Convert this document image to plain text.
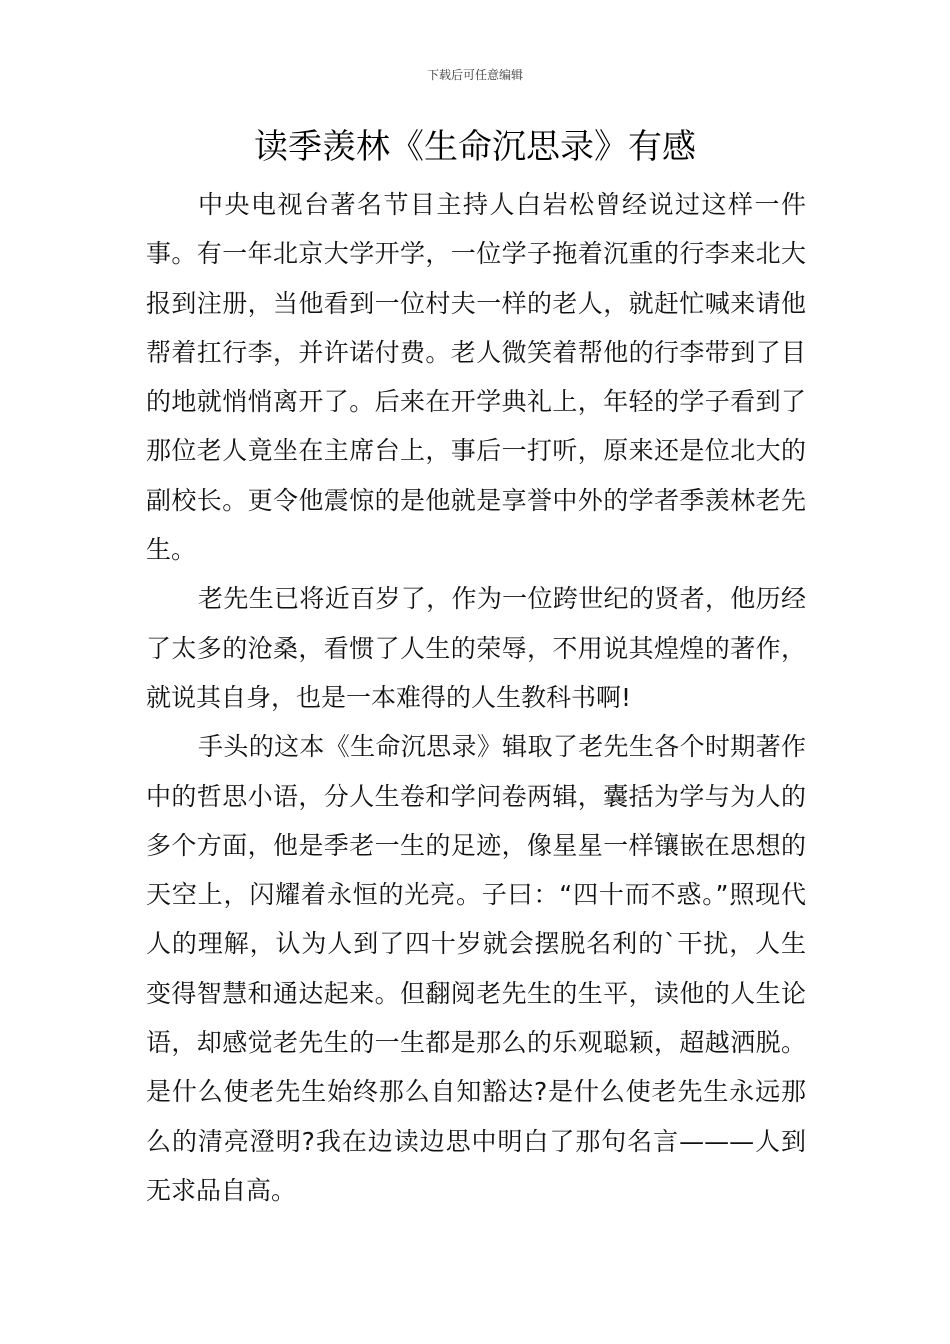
下载后可任意编辑
读季羡林《生命沉思录》有感

中央电视台著名节目主持人白岩松曾经说过这样一件事。有一年北京大学开学，一位学子拖着沉重的行李来北大报到注册，当他看到一位村夫一样的老人，就赶忙喊来请他帮着扛行李，并许诺付费。老人微笑着帮他的行李带到了目的地就悄悄离开了。后来在开学典礼上，年轻的学子看到了那位老人竟坐在主席台上，事后一打听，原来还是位北大的副校长。更令他震惊的是他就是享誉中外的学者季羡林老先生。

老先生已将近百岁了，作为一位跨世纪的贤者，他历经了太多的沧桑，看惯了人生的荣辱，不用说其煌煌的著作，就说其自身，也是一本难得的人生教科书啊!

手头的这本《生命沉思录》辑取了老先生各个时期著作中的哲思小语，分人生卷和学问卷两辑，囊括为学与为人的多个方面，他是季老一生的足迹，像星星一样镶嵌在思想的天空上，闪耀着永恒的光亮。子曰：“四十而不惑。”照现代人的理解，认为人到了四十岁就会摆脱名利的`干扰，人生变得智慧和通达起来。但翻阅老先生的生平，读他的人生论语，却感觉老先生的一生都是那么的乐观聪颖，超越洒脱。是什么使老先生始终那么自知豁达?是什么使老先生永远那么的清亮澄明?我在边读边思中明白了那句名言———人到无求品自高。
